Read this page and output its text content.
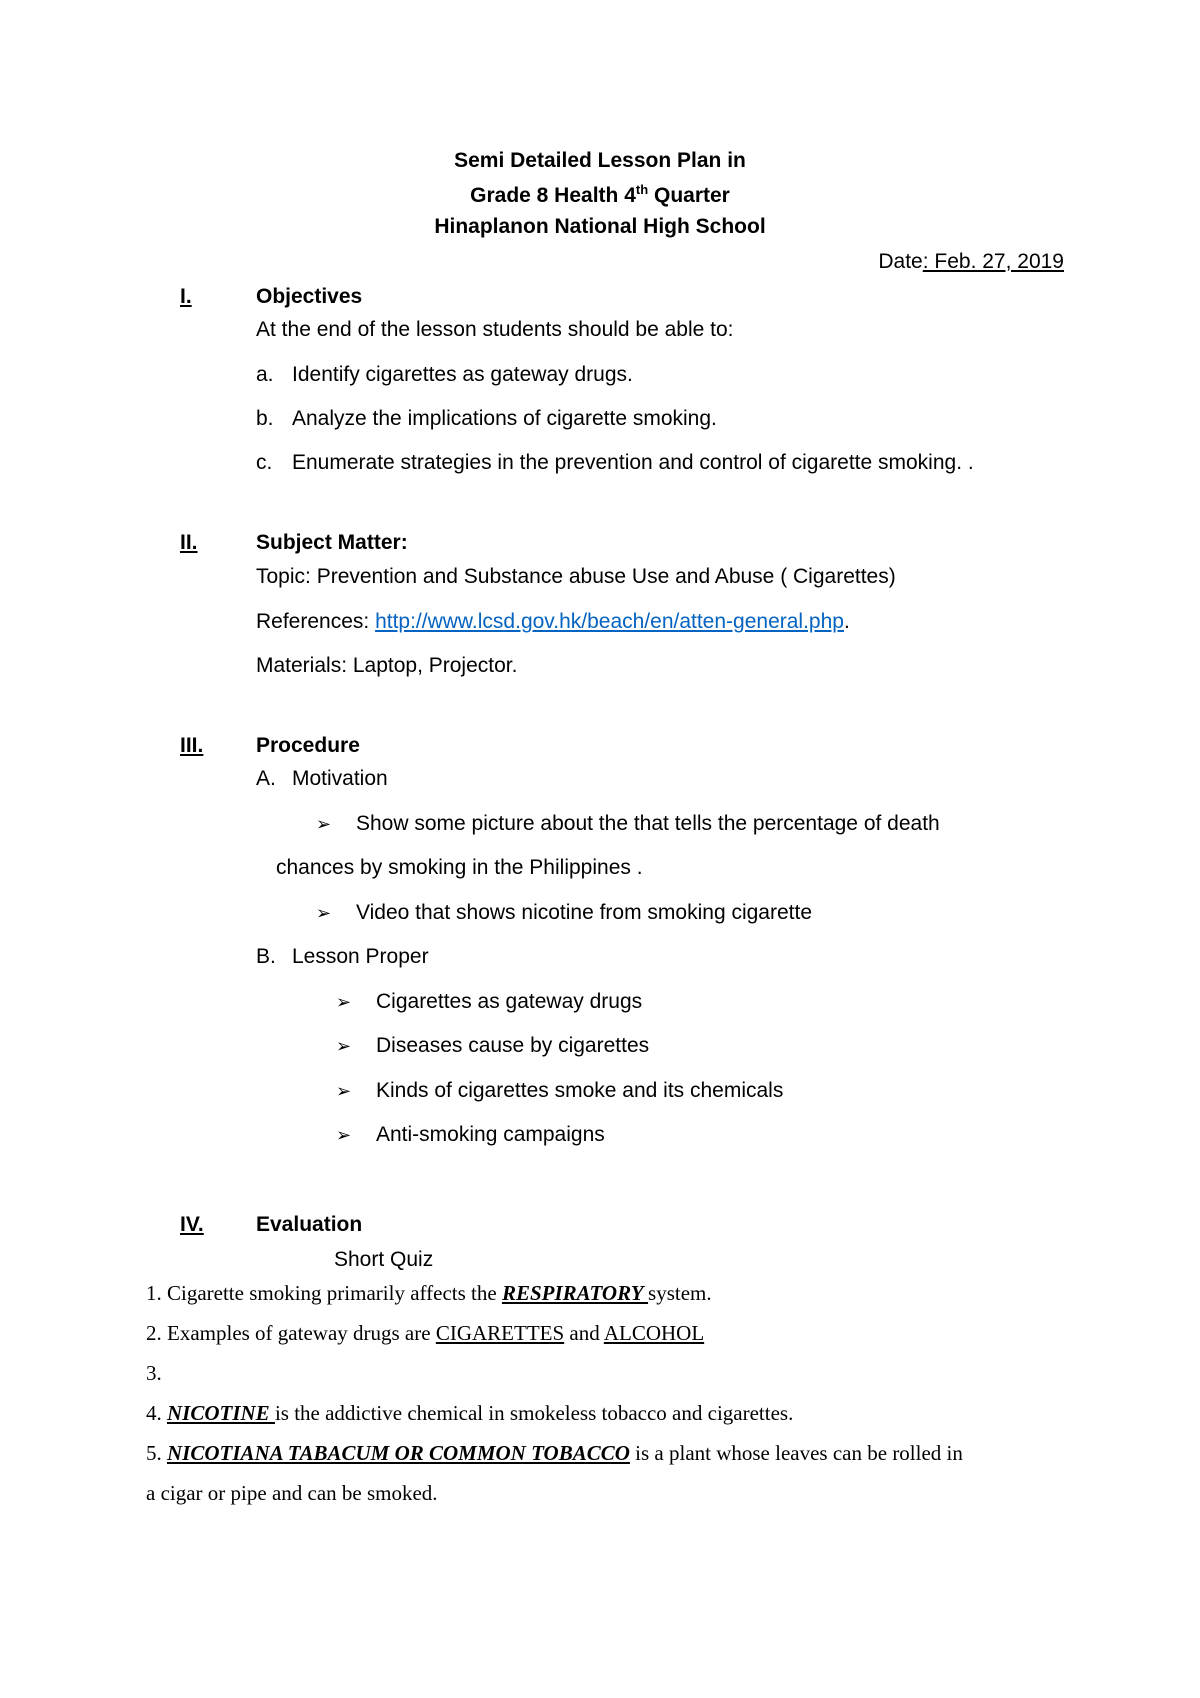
Semi Detailed Lesson Plan in
Grade 8 Health 4th Quarter
Hinaplanon National High School
Date: Feb. 27, 2019
I.	Objectives
At the end of the lesson students should be able to:
a. Identify cigarettes as gateway drugs.
b. Analyze the implications of cigarette smoking.
c. Enumerate strategies in the prevention and control of cigarette smoking. .
II.	Subject Matter:
Topic: Prevention and Substance abuse Use and Abuse ( Cigarettes)
References: http://www.lcsd.gov.hk/beach/en/atten-general.php.
Materials: Laptop, Projector.
III.	Procedure
A. Motivation
➢ Show some picture about the that tells the percentage of death
chances by smoking in the Philippines .
➢ Video that shows nicotine from smoking cigarette
B. Lesson Proper
➢ Cigarettes as gateway drugs
➢ Diseases cause by cigarettes
➢ Kinds of cigarettes smoke and its chemicals
➢ Anti-smoking campaigns
IV. Evaluation
Short Quiz
1. Cigarette smoking primarily affects the RESPIRATORY system.
2. Examples of gateway drugs are CIGARETTES and ALCOHOL
3.
4. NICOTINE is the addictive chemical in smokeless tobacco and cigarettes.
5. NICOTIANA TABACUM OR COMMON TOBACCO is a plant whose leaves can be rolled in
a cigar or pipe and can be smoked.
